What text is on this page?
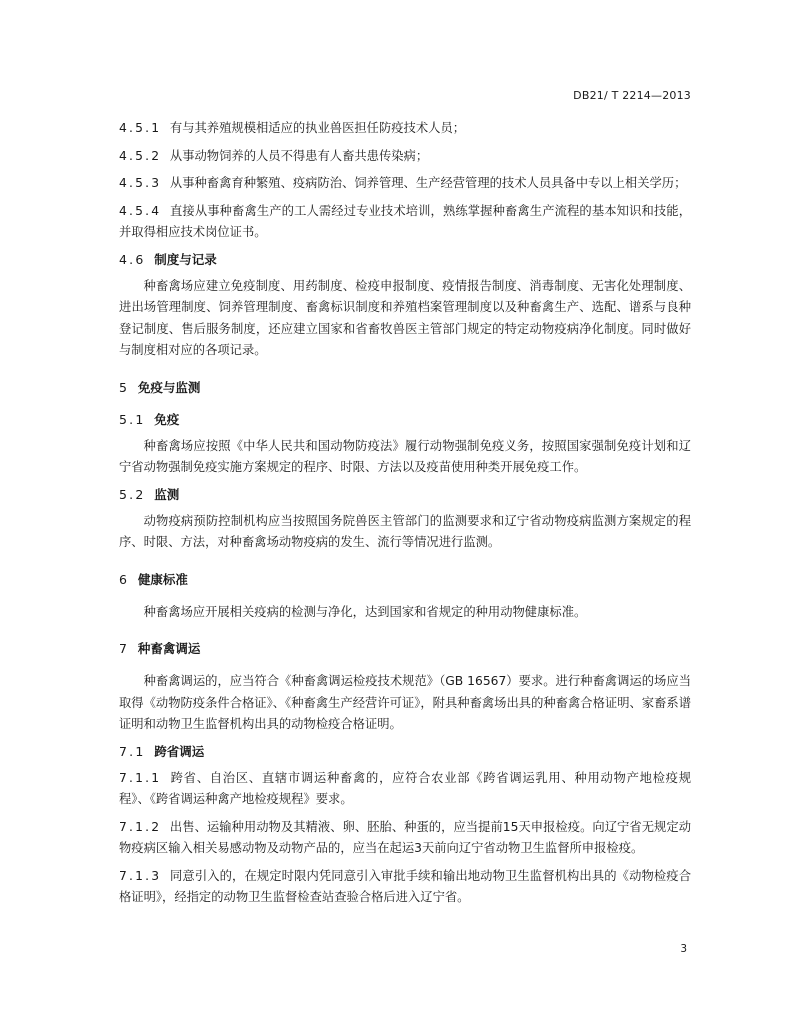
DB21/ T 2214—2013
4.5.1 有与其养殖规模相适应的执业兽医担任防疫技术人员；
4.5.2 从事动物饲养的人员不得患有人畜共患传染病；
4.5.3 从事种畜禽育种繁殖、疫病防治、饲养管理、生产经营管理的技术人员具备中专以上相关学历；
4.5.4 直接从事种畜禽生产的工人需经过专业技术培训，熟练掌握种畜禽生产流程的基本知识和技能，并取得相应技术岗位证书。
4.6 制度与记录
种畜禽场应建立免疫制度、用药制度、检疫申报制度、疫情报告制度、消毒制度、无害化处理制度、进出场管理制度、饲养管理制度、畜禽标识制度和养殖档案管理制度以及种畜禽生产、选配、谱系与良种登记制度、售后服务制度，还应建立国家和省畜牧兽医主管部门规定的特定动物疫病净化制度。同时做好与制度相对应的各项记录。
5 免疫与监测
5.1 免疫
种畜禽场应按照《中华人民共和国动物防疫法》履行动物强制免疫义务，按照国家强制免疫计划和辽宁省动物强制免疫实施方案规定的程序、时限、方法以及疫苗使用种类开展免疫工作。
5.2 监测
动物疫病预防控制机构应当按照国务院兽医主管部门的监测要求和辽宁省动物疫病监测方案规定的程序、时限、方法，对种畜禽场动物疫病的发生、流行等情况进行监测。
6 健康标准
种畜禽场应开展相关疫病的检测与净化，达到国家和省规定的种用动物健康标准。
7 种畜禽调运
种畜禽调运的，应当符合《种畜禽调运检疫技术规范》（GB 16567）要求。进行种畜禽调运的场应当取得《动物防疫条件合格证》、《种畜禽生产经营许可证》，附具种畜禽场出具的种畜禽合格证明、家畜系谱证明和动物卫生监督机构出具的动物检疫合格证明。
7.1 跨省调运
7.1.1 跨省、自治区、直辖市调运种畜禽的，应符合农业部《跨省调运乳用、种用动物产地检疫规程》、《跨省调运种禽产地检疫规程》要求。
7.1.2 出售、运输种用动物及其精液、卵、胚胎、种蛋的，应当提前15天申报检疫。向辽宁省无规定动物疫病区输入相关易感动物及动物产品的，应当在起运3天前向辽宁省动物卫生监督所申报检疫。
7.1.3 同意引入的，在规定时限内凭同意引入审批手续和输出地动物卫生监督机构出具的《动物检疫合格证明》，经指定的动物卫生监督检查站查验合格后进入辽宁省。
3
